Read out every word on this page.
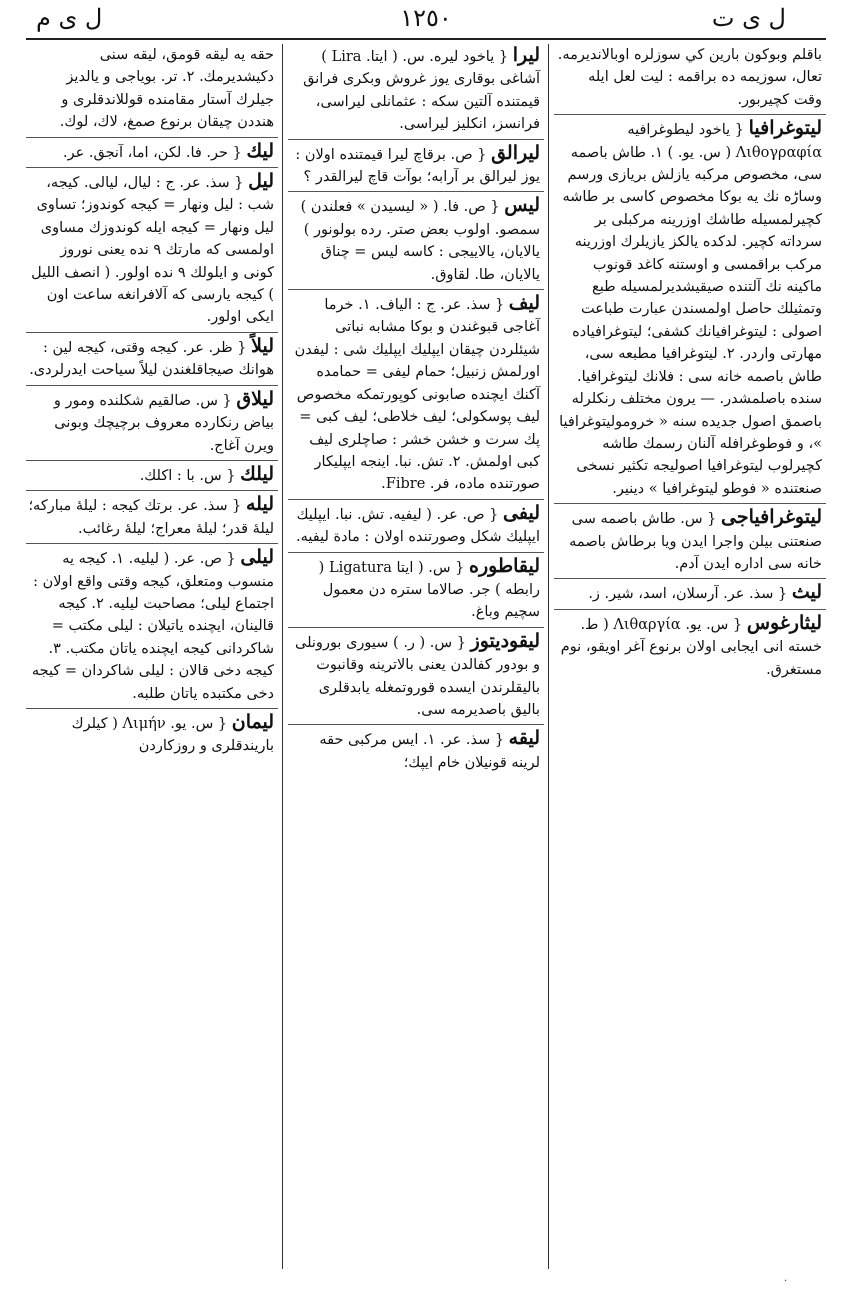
ل ى م	١٢٥٠	ل ى ت
باقلم وبوكون بارين كي سوزلره اوبالاندیرمه. تعال، سوزیمه ده براقمه : ليت لعل ايله وقت كچيربور.
ليتوغرافيا { ياخود ليطوغرافيه Λιθογραφία ( س. يو. ) ١. طاش باصمه سى، مخصوص مركبه يازلش بريازى ورسم وساڑه نك يه بوكا مخصوص كاسى بر طاشه كچيرلمسيله طاشك اوزرينه مركبلى بر سرداته كچير. لدكده يالكز يازيلرك اوزرينه مركب براقمسى و اوستنه كاغد قونوب ماكينه نك آلتنده صيقيشديرلمسيله طبع وتمثيلك حاصل اولمسندن عبارت طباعت اصولى : ليتوغرافيانك كشفى؛ ليتوغرافياده مهارتى واردر. ٢. ليتوغرافيا مطبعه سى، طاش باصمه خانه سى : فلانك ليتوغرافيا. سنده باصلمشدر. — يرون مختلف رنكلرله باصمق اصول جديده سنه « خروموليتوغرافيا »، و فوطوغرافله آلنان رسمك طاشه كچيرلوب ليتوغرافيا اصوليجه تكثير نسخى صنعتنده « فوطو ليتوغرافيا » دينير.
ليتوغرافياجى { س. طاش باصمه سى صنعتنى بيلن واجرا ايدن ويا برطاش باصمه خانه سى اداره ايدن آدم.
ليث { سذ. عر. آرسلان، اسد، شير. ز.
ليثارغوس { س. يو. Λιθαργία ( ط. خسته انى ايجابى اولان برنوع آغر اويقو، نوم مستغرق.
ليرا { ياخود ليره. س. ( ايتا. Lira ) آشاغى بوقارى يوز غروش وبكرى فرانق قيمتنده آلتين سكه : عثمانلى ليراسى، فرانسز، انكليز ليراسى.
ليرالق { ص. برقاچ ليرا قيمتنده اولان : يوز ليرالق بر آرابه؛ بوآت قاچ ليرالقدر ؟
ليس { ص. فا. ( « ليسيدن » فعلندن ) سمصو. اولوب بعض صتر. رده بولونور ) يالايان، يالاييجى : كاسه ليس = چناق يالايان، طا. لقاوق.
ليف { سذ. عر. ج : الياف. ١. خرما آغاجى قبوغندن و بوكا مشابه نباتى شيئلردن چيقان ايپليك ايپليك شى : ليفدن اورلمش زنبيل؛ حمام ليفى = حمامده آكنك ايچنده صابونى كوپورتمكه مخصوص ليف پوسكولى؛ ليف خلاطى؛ ليف كبى = پك سرت و خشن خشر : صاچلرى ليف كبى اولمش. ٢. تش. نبا. اينجه ايپليكار صورتنده ماده، فر. Fibre.
ليفى { ص. عر. ( ليفيه. تش. نبا. ايپليك ايپليك شكل وصورتنده اولان : مادة ليفيه.
ليقاطوره { س. ( ايتا Ligatura ( رابطه ) جر. صالاما ستره دن معمول سچيم وباغ.
ليقوديتوز { س. ( ر. ) سيورى بورونلى و بودور كفالدن يعنى بالاترينه وقانبوت باليقلرندن ايسده قوروتمغله يابدقلرى باليق باصديرمه سى.
ليقه { سذ. عر. ١. ايس مركبى حقه لرينه قونيلان خام ايپك؛
حقه يه ليقه قومق، ليقه سنى دكيشديرمك. ٢. تر. بوياجى و يالديز جيلرك آستار مقامنده قوللاندقلرى و هنددن چيقان برنوع صمغ، لاك، لوك.
ليك { حر. فا. لكن، اما، آنجق. عر.
ليل { سذ. عر. ج : ليال، ليالى. كيجه، شب : ليل ونهار = كيجه كوندوز؛ تساوى ليل ونهار = كيجه ايله كوندوزك مساوى اولمسى كه مارتك ٩ نده يعنى نوروز كونى و ايلولك ٩ نده اولور. ( انصف الليل ) كيجه يارسى كه آلافرانغه ساعت اون ايكى اولور.
ليلاً { ظر. عر. كيجه وقتى، كيجه لين : هوانك صيجاقلغندن ليلاً سياحت ايدرلردى.
ليلاق { س. صالقيم شكلنده ومور و بياض رنكارده معروف برچيچك وبونى ويرن آغاج.
ليلك { س. با : اكلك.
ليله { سذ. عر. برتك كيجه : ليلهٔ مباركه؛ ليلهٔ قدر؛ ليلهٔ معراج؛ ليلهٔ رغائب.
ليلى { ص. عر. ( ليليه. ١. كيجه يه منسوب ومتعلق، كيجه وقتى واقع اولان : اجتماع ليلى؛ مصاحبت ليليه. ٢. كيجه قالينان، ايچنده ياتيلان : ليلى مكتب = شاكردانى كيجه ايچنده ياتان مكتب. ٣. كيجه دخى قالان : ليلى شاكردان = كيجه دخى مكتبده ياتان طلبه.
ليمان { س. يو. Λιμήν ( كيلرك باريندقلرى و روزكاردن
·
